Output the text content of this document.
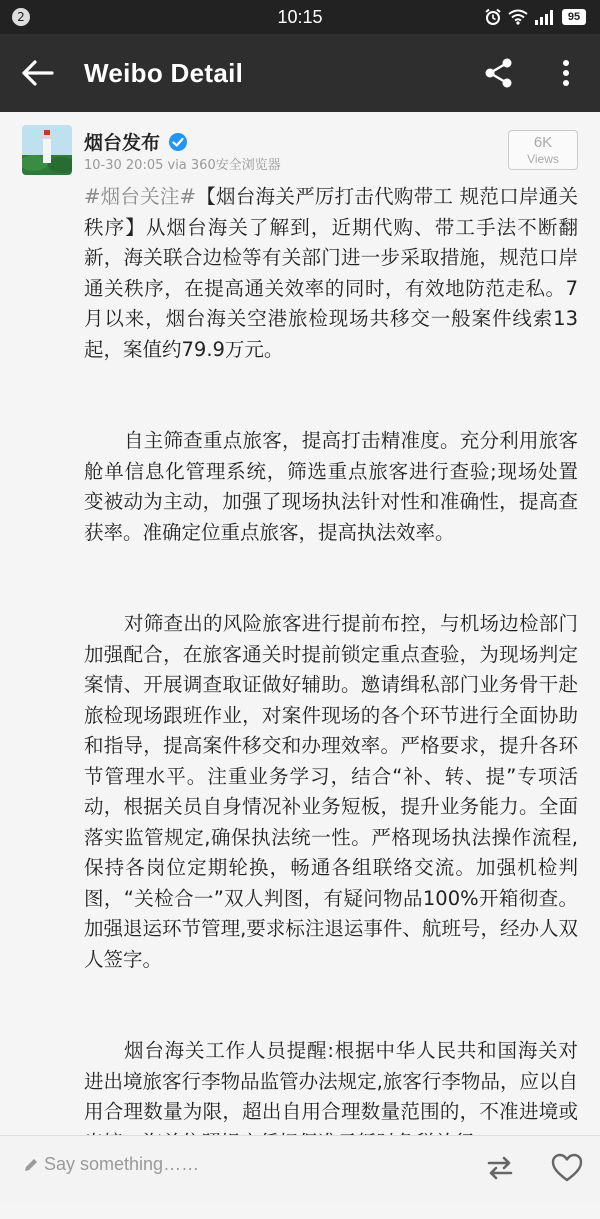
2	10:15	95
Weibo Detail
烟台发布
10-30 20:05 via 360安全浏览器
6K
Views

#烟台关注#【烟台海关严厉打击代购带工 规范口岸通关秩序】从烟台海关了解到，近期代购、带工手法不断翻新，海关联合边检等有关部门进一步采取措施，规范口岸通关秩序，在提高通关效率的同时，有效地防范走私。7月以来，烟台海关空港旅检现场共移交一般案件线索13起，案值约79.9万元。

自主筛查重点旅客，提高打击精准度。充分利用旅客舱单信息化管理系统，筛选重点旅客进行查验;现场处置变被动为主动，加强了现场执法针对性和准确性，提高查获率。准确定位重点旅客，提高执法效率。

对筛查出的风险旅客进行提前布控，与机场边检部门加强配合，在旅客通关时提前锁定重点查验，为现场判定案情、开展调查取证做好辅助。邀请缉私部门业务骨干赴旅检现场跟班作业，对案件现场的各个环节进行全面协助和指导，提高案件移交和办理效率。严格要求，提升各环节管理水平。注重业务学习，结合“补、转、提”专项活动，根据关员自身情况补业务短板，提升业务能力。全面落实监管规定,确保执法统一性。严格现场执法操作流程,保持各岗位定期轮换，畅通各组联络交流。加强机检判图，“关检合一”双人判图，有疑问物品100%开箱彻查。加强退运环节管理,要求标注退运事件、航班号，经办人双人签字。

烟台海关工作人员提醒:根据中华人民共和国海关对进出境旅客行李物品监管办法规定,旅客行李物品，应以自用合理数量为限，超出自用合理数量范围的，不准进境或

Say something……
